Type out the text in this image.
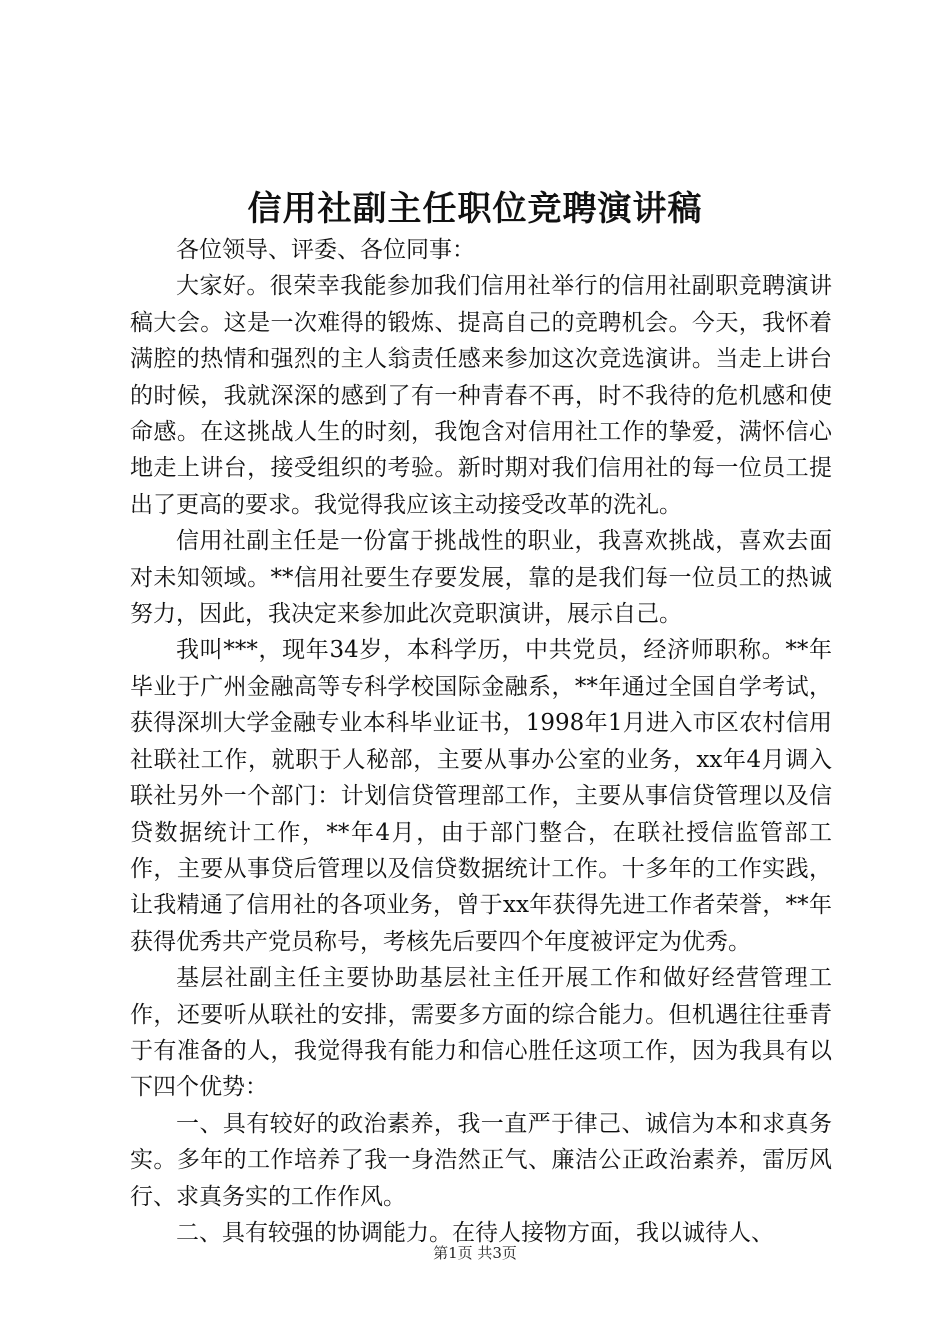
信用社副主任职位竞聘演讲稿

各位领导、评委、各位同事：

大家好。很荣幸我能参加我们信用社举行的信用社副职竞聘演讲稿大会。这是一次难得的锻炼、提高自己的竞聘机会。今天，我怀着满腔的热情和强烈的主人翁责任感来参加这次竞选演讲。当走上讲台的时候，我就深深的感到了有一种青春不再，时不我待的危机感和使命感。在这挑战人生的时刻，我饱含对信用社工作的挚爱，满怀信心地走上讲台，接受组织的考验。新时期对我们信用社的每一位员工提出了更高的要求。我觉得我应该主动接受改革的洗礼。

信用社副主任是一份富于挑战性的职业，我喜欢挑战，喜欢去面对未知领域。**信用社要生存要发展，靠的是我们每一位员工的热诚努力，因此，我决定来参加此次竞职演讲，展示自己。

我叫***，现年34岁，本科学历，中共党员，经济师职称。**年毕业于广州金融高等专科学校国际金融系，**年通过全国自学考试，获得深圳大学金融专业本科毕业证书，1998年1月进入市区农村信用社联社工作，就职于人秘部，主要从事办公室的业务，xx年4月调入联社另外一个部门：计划信贷管理部工作，主要从事信贷管理以及信贷数据统计工作，**年4月，由于部门整合，在联社授信监管部工作，主要从事贷后管理以及信贷数据统计工作。十多年的工作实践，让我精通了信用社的各项业务，曾于xx年获得先进工作者荣誉，**年获得优秀共产党员称号，考核先后要四个年度被评定为优秀。

基层社副主任主要协助基层社主任开展工作和做好经营管理工作，还要听从联社的安排，需要多方面的综合能力。但机遇往往垂青于有准备的人，我觉得我有能力和信心胜任这项工作，因为我具有以下四个优势：

一、具有较好的政治素养，我一直严于律己、诚信为本和求真务实。多年的工作培养了我一身浩然正气、廉洁公正政治素养，雷厉风行、求真务实的工作作风。

二、具有较强的协调能力。在待人接物方面，我以诚待人、

第1页 共3页
